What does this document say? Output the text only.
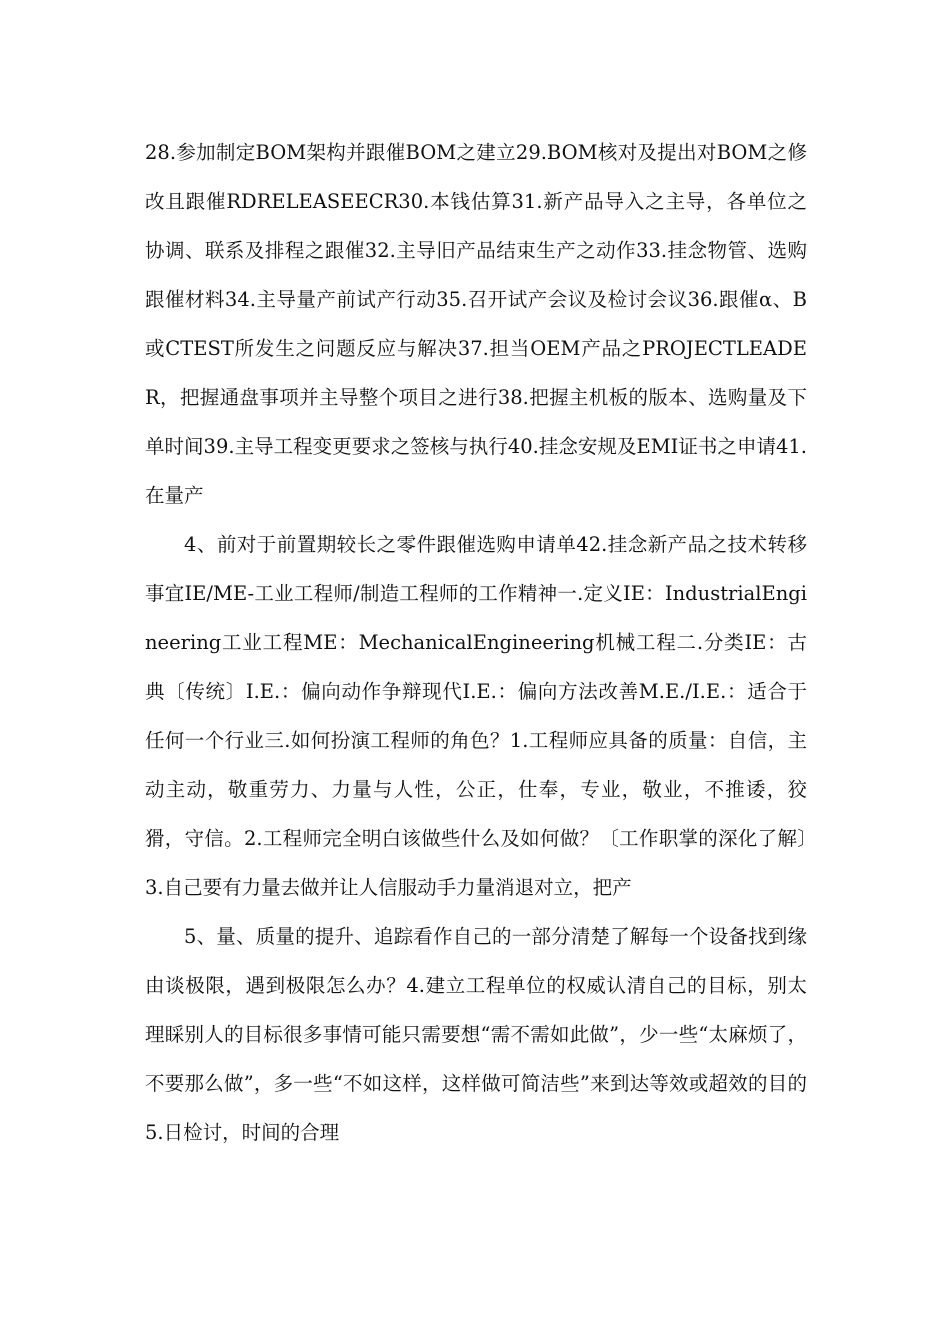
28.参加制定BOM架构并跟催BOM之建立29.BOM核对及提出对BOM之修改且跟催RDRELEASEECR30.本钱估算31.新产品导入之主导，各单位之协调、联系及排程之跟催32.主导旧产品结束生产之动作33.挂念物管、选购跟催材料34.主导量产前试产行动35.召开试产会议及检讨会议36.跟催α、Β或CTEST所发生之问题反应与解决37.担当OEM产品之PROJECTLEADER，把握通盘事项并主导整个项目之进行38.把握主机板的版本、选购量及下单时间39.主导工程变更要求之签核与执行40.挂念安规及EMI证书之申请41.在量产

4、前对于前置期较长之零件跟催选购申请单42.挂念新产品之技术转移事宜IE/ME-工业工程师/制造工程师的工作精神一.定义IE：IndustrialEngineering工业工程ME：MechanicalEngineering机械工程二.分类IE：古典〔传统〕I.E.：偏向动作争辩现代I.E.：偏向方法改善M.E./I.E.：适合于任何一个行业三.如何扮演工程师的角色？1.工程师应具备的质量：自信，主动主动，敬重劳力、力量与人性，公正，仕奉，专业，敬业，不推诿，狡猾，守信。2.工程师完全明白该做些什么及如何做？〔工作职掌的深化了解〕3.自己要有力量去做并让人信服动手力量消退对立，把产

5、量、质量的提升、追踪看作自己的一部分清楚了解每一个设备找到缘由谈极限，遇到极限怎么办？4.建立工程单位的权威认清自己的目标，别太理睬别人的目标很多事情可能只需要想“需不需如此做”，少一些“太麻烦了，不要那么做”，多一些“不如这样，这样做可简洁些”来到达等效或超效的目的5.日检讨，时间的合理
